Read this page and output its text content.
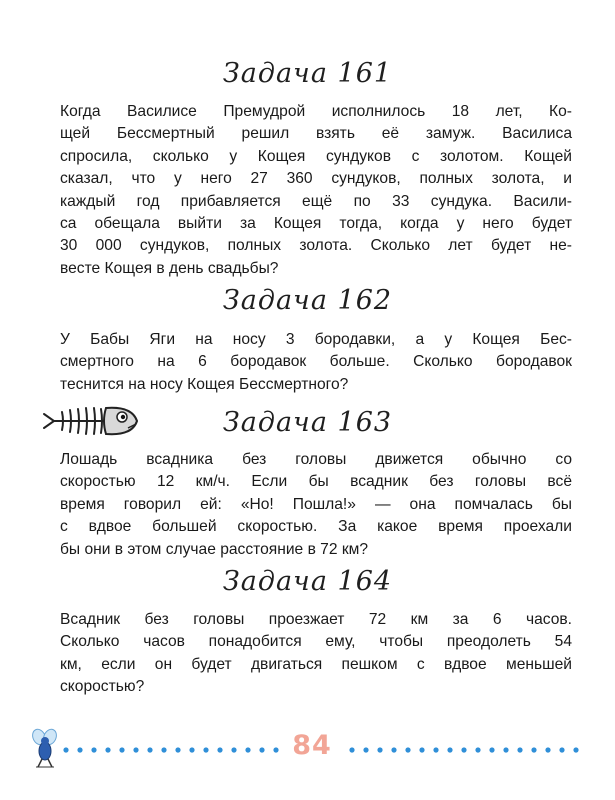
Задача 161
Когда Василисе Премудрой исполнилось 18 лет, Ко-
щей Бессмертный решил взять её замуж. Василиса
спросила, сколько у Кощея сундуков с золотом. Кощей
сказал, что у него 27 360 сундуков, полных золота, и
каждый год прибавляется ещё по 33 сундука. Васили-
са обещала выйти за Кощея тогда, когда у него будет
30 000 сундуков, полных золота. Сколько лет будет не-
весте Кощея в день свадьбы?
Задача 162
У Бабы Яги на носу 3 бородавки, а у Кощея Бес-
смертного на 6 бородавок больше. Сколько бородавок
теснится на носу Кощея Бессмертного?
Задача 163
Лошадь всадника без головы движется обычно со
скоростью 12 км/ч. Если бы всадник без головы всё
время говорил ей: «Но! Пошла!» — она помчалась бы
с вдвое большей скоростью. За какое время проехали
бы они в этом случае расстояние в 72 км?
Задача 164
Всадник без головы проезжает 72 км за 6 часов.
Сколько часов понадобится ему, чтобы преодолеть 54
км, если он будет двигаться пешком с вдвое меньшей
скоростью?
84
